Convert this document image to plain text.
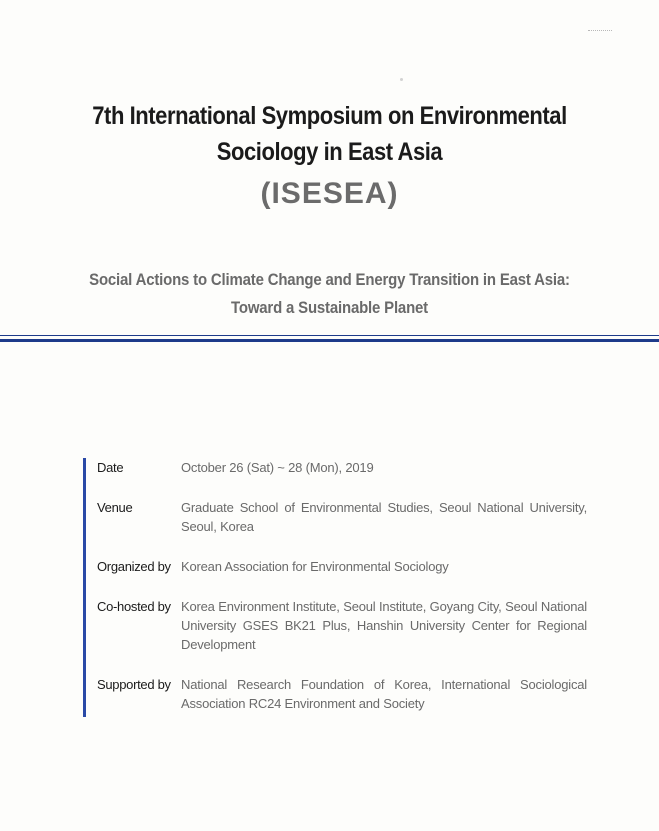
7th International Symposium on Environmental
Sociology in East Asia
(ISESEA)
Social Actions to Climate Change and Energy Transition in East Asia:
Toward a Sustainable Planet
Date	October 26 (Sat) ~ 28 (Mon), 2019
Venue	Graduate School of Environmental Studies, Seoul National University, Seoul, Korea
Organized by Korean Association for Environmental Sociology
Co-hosted by Korea Environment Institute, Seoul Institute, Goyang City, Seoul National University GSES BK21 Plus, Hanshin University Center for Regional Development
Supported by National Research Foundation of Korea, International Sociological Association RC24 Environment and Society
